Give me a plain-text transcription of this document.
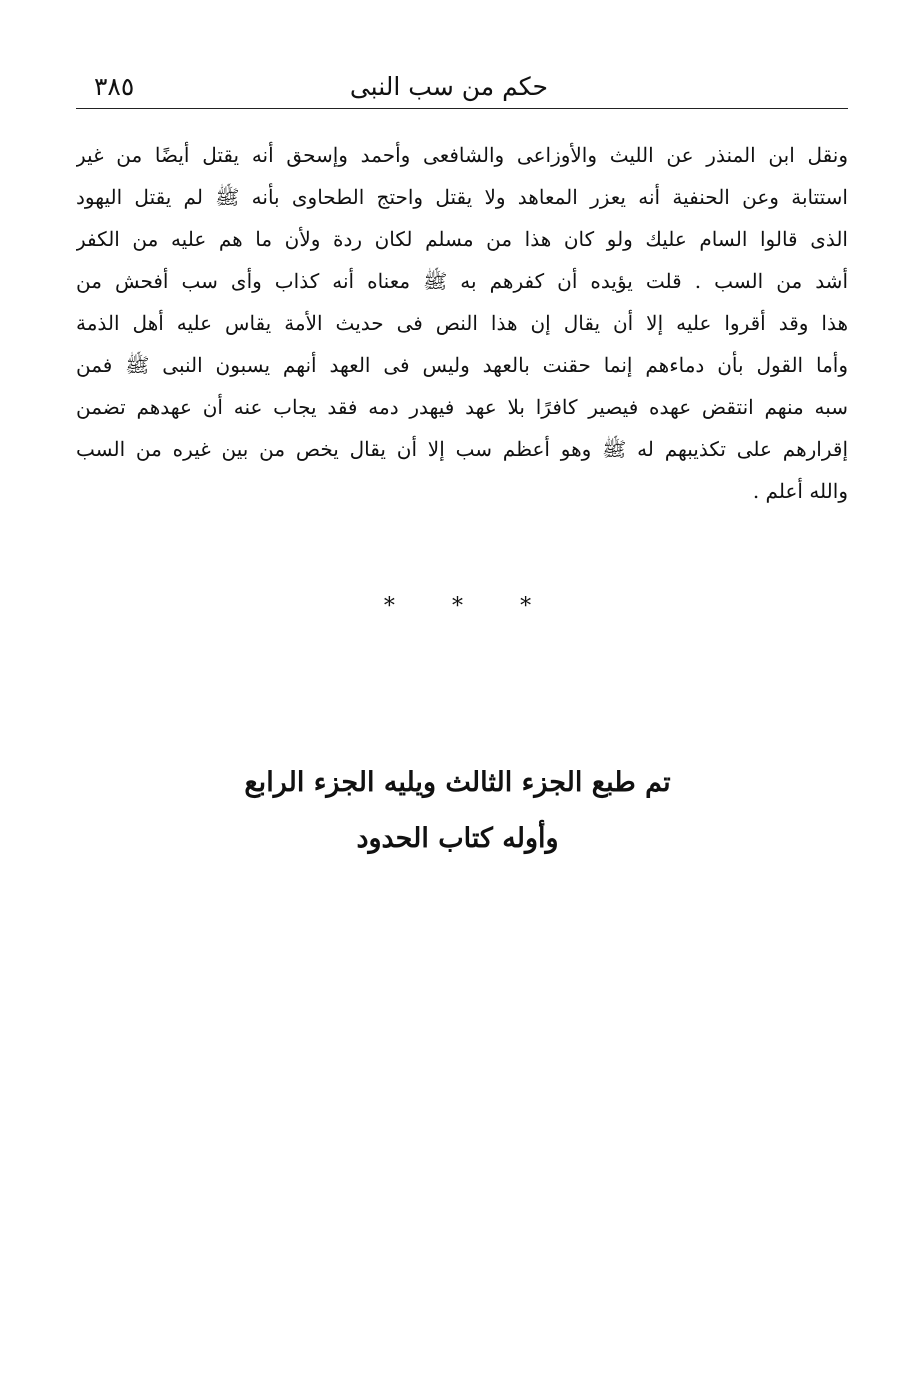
حكم من سب النبى
٣٨٥
ونقل ابن المنذر عن الليث والأوزاعى والشافعى وأحمد وإسحق أنه يقتل أيضًا من غير
استتابة وعن الحنفية أنه يعزر المعاهد ولا يقتل واحتج الطحاوى بأنه ﷺ لم يقتل اليهود
الذى قالوا السام عليك ولو كان هذا من مسلم لكان ردة ولأن ما هم عليه من الكفر
أشد من السب . قلت يؤيده أن كفرهم به ﷺ معناه أنه كذاب وأى سب أفحش من
هذا وقد أقروا عليه إلا أن يقال إن هذا النص فى حديث الأمة يقاس عليه أهل الذمة
وأما القول بأن دماءهم إنما حقنت بالعهد وليس فى العهد أنهم يسبون النبى ﷺ فمن
سبه منهم انتقض عهده فيصير كافرًا بلا عهد فيهدر دمه فقد يجاب عنه أن عهدهم تضمن
إقرارهم على تكذيبهم له ﷺ وهو أعظم سب إلا أن يقال يخص من بين غيره من السب
والله أعلم .
*	*	*
تم طبع الجزء الثالث ويليه الجزء الرابع
وأوله كتاب الحدود
